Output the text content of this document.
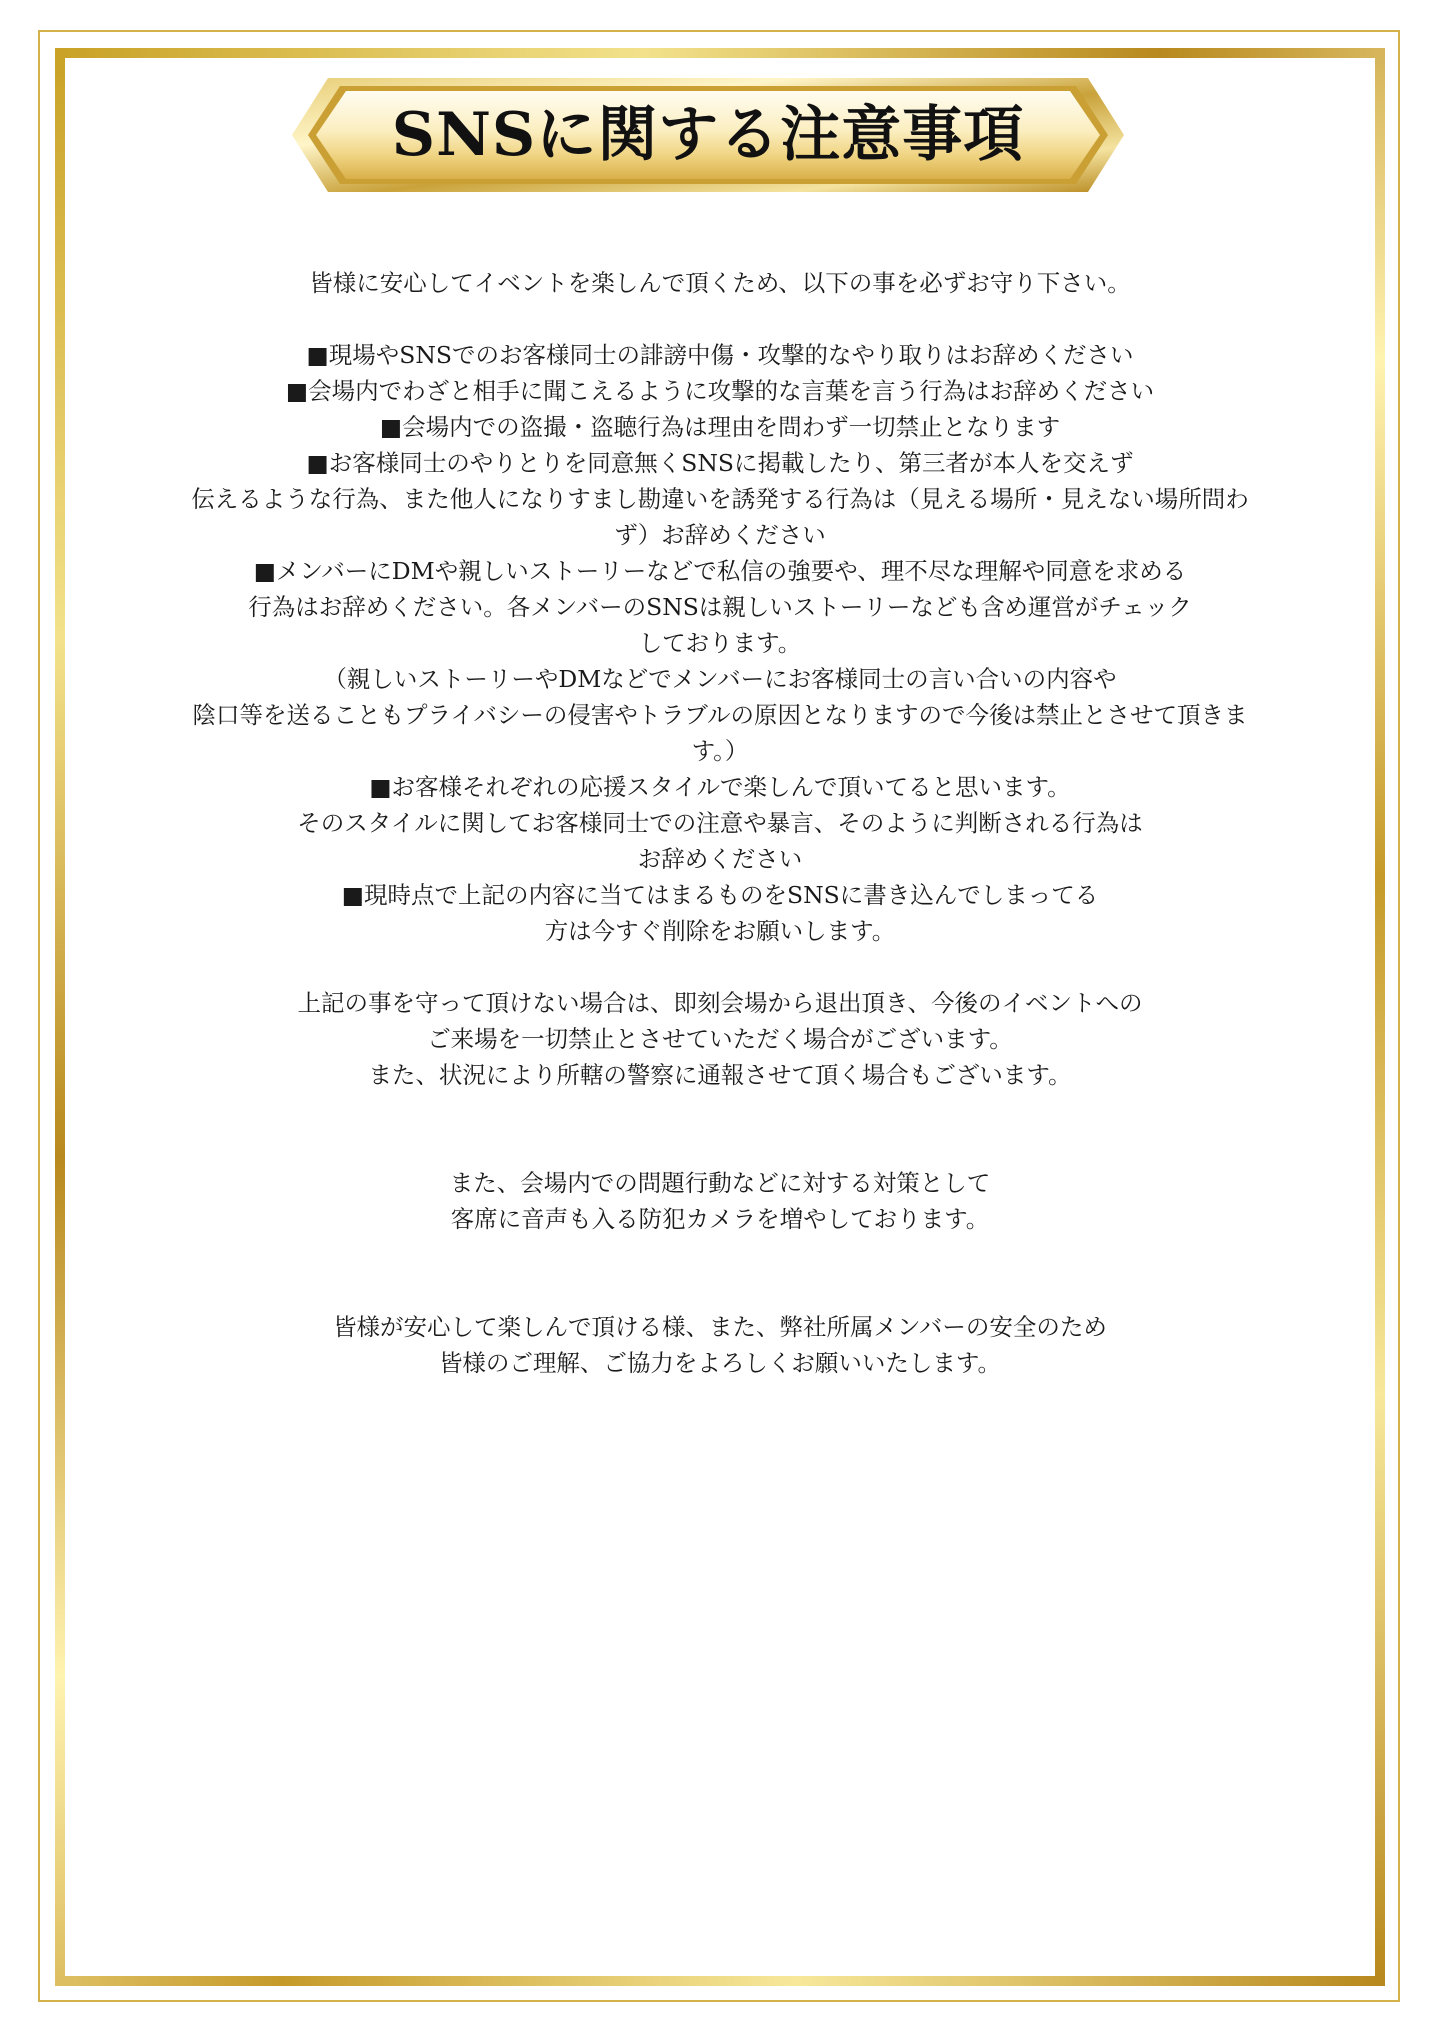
SNSに関する注意事項
皆様に安心してイベントを楽しんで頂くため、以下の事を必ずお守り下さい。
■現場やSNSでのお客様同士の誹謗中傷・攻撃的なやり取りはお辞めください
■会場内でわざと相手に聞こえるように攻撃的な言葉を言う行為はお辞めください
■会場内での盗撮・盗聴行為は理由を問わず一切禁止となります
■お客様同士のやりとりを同意無くSNSに掲載したり、第三者が本人を交えず
伝えるような行為、また他人になりすまし勘違いを誘発する行為は（見える場所・見えない場所問わ
ず）お辞めください
■メンバーにDMや親しいストーリーなどで私信の強要や、理不尽な理解や同意を求める
行為はお辞めください。各メンバーのSNSは親しいストーリーなども含め運営がチェック
しております。
（親しいストーリーやDMなどでメンバーにお客様同士の言い合いの内容や
陰口等を送ることもプライバシーの侵害やトラブルの原因となりますので今後は禁止とさせて頂きま
す。）
■お客様それぞれの応援スタイルで楽しんで頂いてると思います。
そのスタイルに関してお客様同士での注意や暴言、そのように判断される行為は
お辞めください
■現時点で上記の内容に当てはまるものをSNSに書き込んでしまってる
方は今すぐ削除をお願いします。
上記の事を守って頂けない場合は、即刻会場から退出頂き、今後のイベントへの
ご来場を一切禁止とさせていただく場合がございます。
また、状況により所轄の警察に通報させて頂く場合もございます。
また、会場内での問題行動などに対する対策として
客席に音声も入る防犯カメラを増やしております。
皆様が安心して楽しんで頂ける様、また、弊社所属メンバーの安全のため
皆様のご理解、ご協力をよろしくお願いいたします。
